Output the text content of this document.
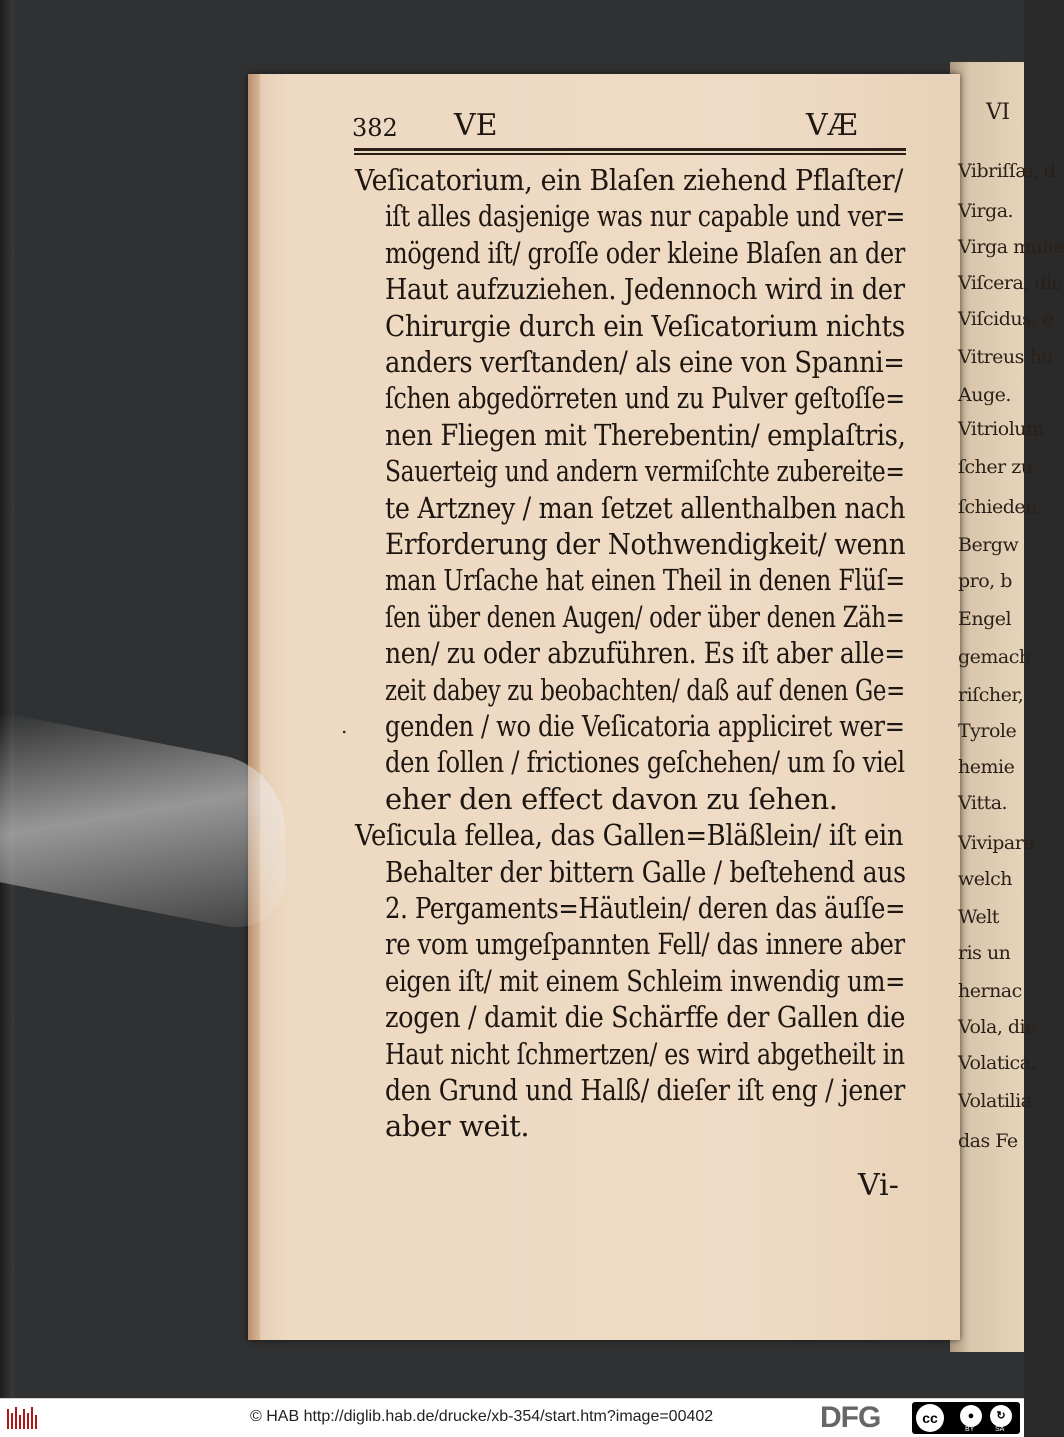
382 VE	VÆ
Veſicatorium, ein Blaſen ziehend Pflaſter/
iſt alles dasjenige was nur capable und ver=
mögend iſt/ groſſe oder kleine Blaſen an der
Haut aufzuziehen. Jedennoch wird in der
Chirurgie durch ein Veſicatorium nichts
anders verſtanden/ als eine von Spanni=
ſchen abgedörreten und zu Pulver geſtoſſe=
nen Fliegen mit Therebentin/ emplaſtris,
Sauerteig und andern vermiſchte zubereite=
te Artzney / man ſetzet allenthalben nach
Erforderung der Nothwendigkeit/ wenn
man Urſache hat einen Theil in denen Flüſ=
ſen über denen Augen/ oder über denen Zäh=
nen/ zu oder abzuführen. Es iſt aber alle=
zeit dabey zu beobachten/ daß auf denen Ge=
genden / wo die Veſicatoria appliciret wer=
den ſollen / frictiones geſchehen/ um ſo viel
eher den effect davon zu ſehen.
Veſicula fellea, das Gallen=Bläßlein/ iſt ein
Behalter der bittern Galle / beſtehend aus
2. Pergaments=Häutlein/ deren das äuſſe=
re vom umgeſpannten Fell/ das innere aber
eigen iſt/ mit einem Schleim inwendig um=
zogen / damit die Schärffe der Gallen die
Haut nicht ſchmertzen/ es wird abgetheilt in
den Grund und Halß/ dieſer iſt eng / jener
aber weit.
.
Vi-
VI
Vibriſſæ, d
Virga.
Virga mulie
Viſcera, die
Viſcidus, e
Vitreus hu
Auge.
Vitriolum
ſcher zu
ſchieden
Bergw
pro, b
Engel
gemach
riſcher,
Tyrole
hemie
Vitta.
Vivipara
welch
Welt
ris un
hernac
Vola, die
Volatica.
Volatilia
das Fe
© HAB http://diglib.hab.de/drucke/xb-354/start.htm?image=00402	DFG	cc	●	↻
BY	SA
